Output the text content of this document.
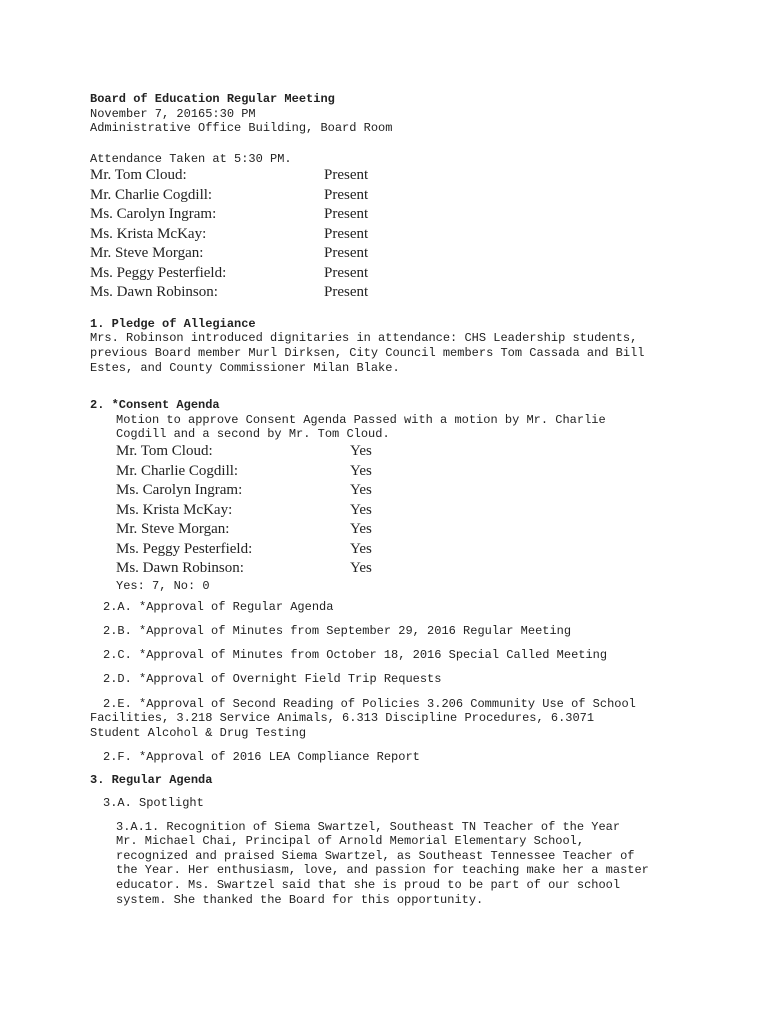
Board of Education Regular Meeting
November 7, 20165:30 PM
Administrative Office Building, Board Room
Attendance Taken at 5:30 PM.
Mr. Tom Cloud:	Present
Mr. Charlie Cogdill:	Present
Ms. Carolyn Ingram:	Present
Ms. Krista McKay:	Present
Mr. Steve Morgan:	Present
Ms. Peggy Pesterfield:	Present
Ms. Dawn Robinson:	Present
1. Pledge of Allegiance
Mrs. Robinson introduced dignitaries in attendance: CHS Leadership students,
previous Board member Murl Dirksen, City Council members Tom Cassada and Bill
Estes, and County Commissioner Milan Blake.
2. *Consent Agenda
Motion to approve Consent Agenda Passed with a motion by Mr. Charlie
Cogdill and a second by Mr. Tom Cloud.
Mr. Tom Cloud:	Yes
Mr. Charlie Cogdill:	Yes
Ms. Carolyn Ingram:	Yes
Ms. Krista McKay:	Yes
Mr. Steve Morgan:	Yes
Ms. Peggy Pesterfield:	Yes
Ms. Dawn Robinson:	Yes
Yes: 7, No: 0
2.A. *Approval of Regular Agenda
2.B. *Approval of Minutes from September 29, 2016 Regular Meeting
2.C. *Approval of Minutes from October 18, 2016 Special Called Meeting
2.D. *Approval of Overnight Field Trip Requests
2.E. *Approval of Second Reading of Policies 3.206 Community Use of School
Facilities, 3.218 Service Animals, 6.313 Discipline Procedures, 6.3071
Student Alcohol & Drug Testing
2.F. *Approval of 2016 LEA Compliance Report
3. Regular Agenda
3.A. Spotlight
3.A.1. Recognition of Siema Swartzel, Southeast TN Teacher of the Year
Mr. Michael Chai, Principal of Arnold Memorial Elementary School,
recognized and praised Siema Swartzel, as Southeast Tennessee Teacher of
the Year. Her enthusiasm, love, and passion for teaching make her a master
educator. Ms. Swartzel said that she is proud to be part of our school
system. She thanked the Board for this opportunity.
